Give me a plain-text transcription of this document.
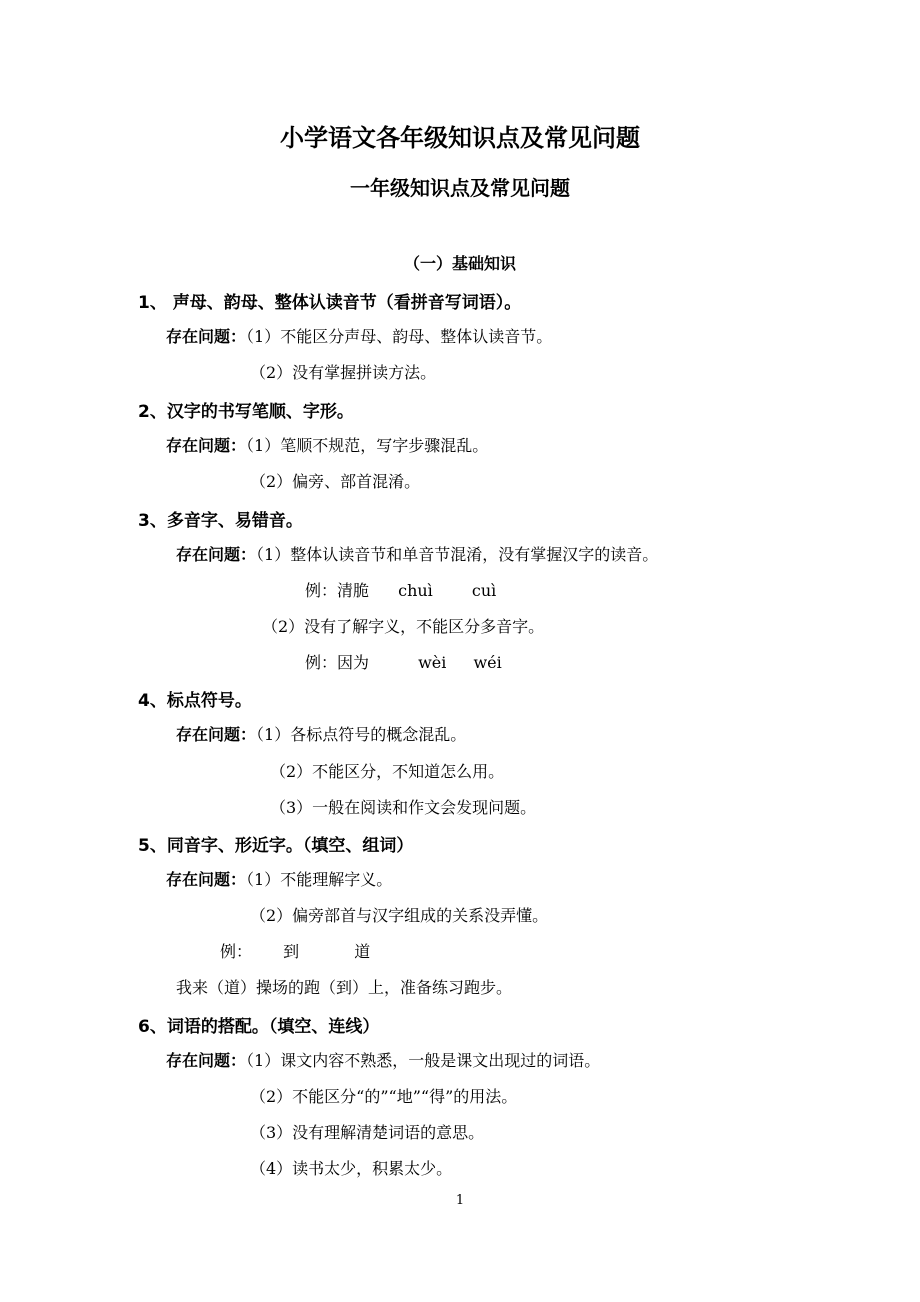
小学语文各年级知识点及常见问题
一年级知识点及常见问题
（一）基础知识
1、 声母、韵母、整体认读音节（看拼音写词语）。
存在问题：（1）不能区分声母、韵母、整体认读音节。
（2）没有掌握拼读方法。
2、汉字的书写笔顺、字形。
存在问题：（1）笔顺不规范，写字步骤混乱。
（2）偏旁、部首混淆。
3、多音字、易错音。
存在问题：（1）整体认读音节和单音节混淆，没有掌握汉字的读音。
例：清脆 chuì cuì
（2）没有了解字义，不能区分多音字。
例：因为	wèi wéi
4、标点符号。
存在问题：（1）各标点符号的概念混乱。
（2）不能区分，不知道怎么用。
（3）一般在阅读和作文会发现问题。
5、同音字、形近字。（填空、组词）
存在问题：（1）不能理解字义。
（2）偏旁部首与汉字组成的关系没弄懂。
例： 到	道
我来（道）操场的跑（到）上，准备练习跑步。
6、词语的搭配。（填空、连线）
存在问题：（1）课文内容不熟悉，一般是课文出现过的词语。
（2）不能区分“的”“地”“得”的用法。
（3）没有理解清楚词语的意思。
（4）读书太少，积累太少。
1
